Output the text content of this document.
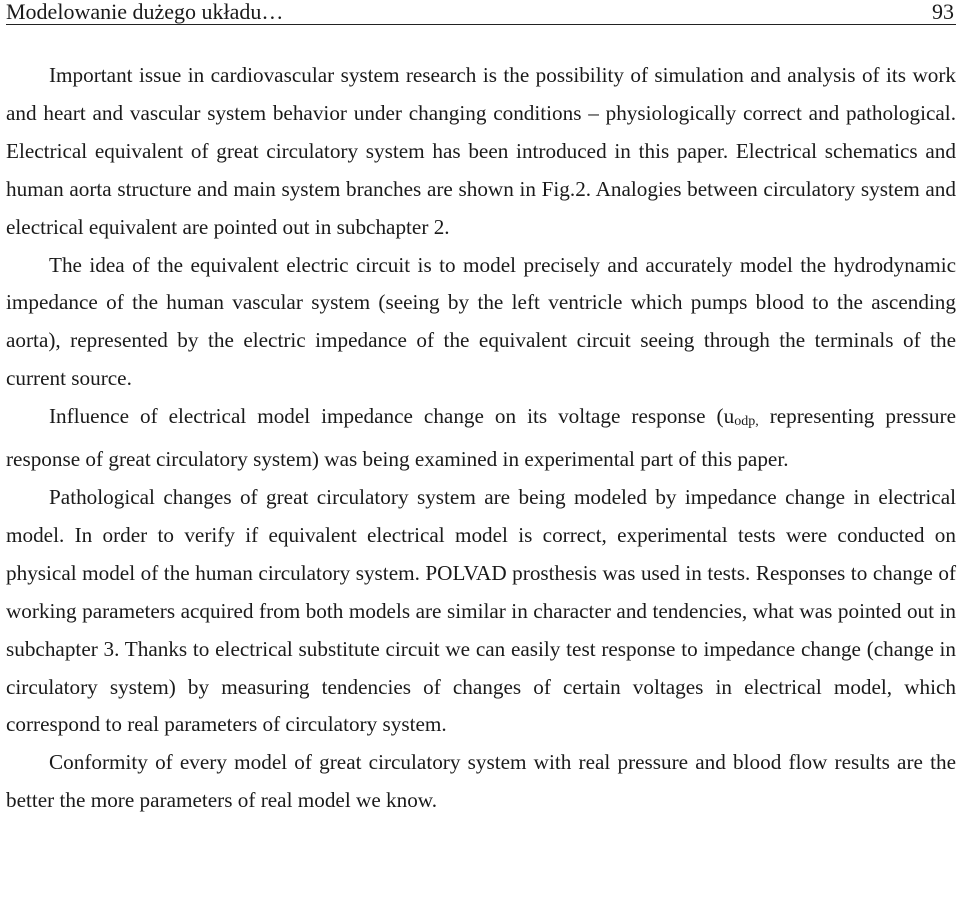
Modelowanie dużego układu…	93

Important issue in cardiovascular system research is the possibility of simulation and analysis of its work and heart and vascular system behavior under changing conditions – physiologically correct and pathological. Electrical equivalent of great circulatory system has been introduced in this paper. Electrical schematics and human aorta structure and main system branches are shown in Fig.2. Analogies between circulatory system and electrical equivalent are pointed out in subchapter 2.

The idea of the equivalent electric circuit is to model precisely and accurately model the hydrodynamic impedance of the human vascular system (seeing by the left ventricle which pumps blood to the ascending aorta), represented by the electric impedance of the equivalent circuit seeing through the terminals of the current source.

Influence of electrical model impedance change on its voltage response (uodp, representing pressure response of great circulatory system) was being examined in experimental part of this paper.

Pathological changes of great circulatory system are being modeled by impedance change in electrical model. In order to verify if equivalent electrical model is correct, experimental tests were conducted on physical model of the human circulatory system. POLVAD prosthesis was used in tests. Responses to change of working parameters acquired from both models are similar in character and tendencies, what was pointed out in subchapter 3. Thanks to electrical substitute circuit we can easily test response to impedance change (change in circulatory system) by measuring tendencies of changes of certain voltages in electrical model, which correspond to real parameters of circulatory system.

Conformity of every model of great circulatory system with real pressure and blood flow results are the better the more parameters of real model we know.
